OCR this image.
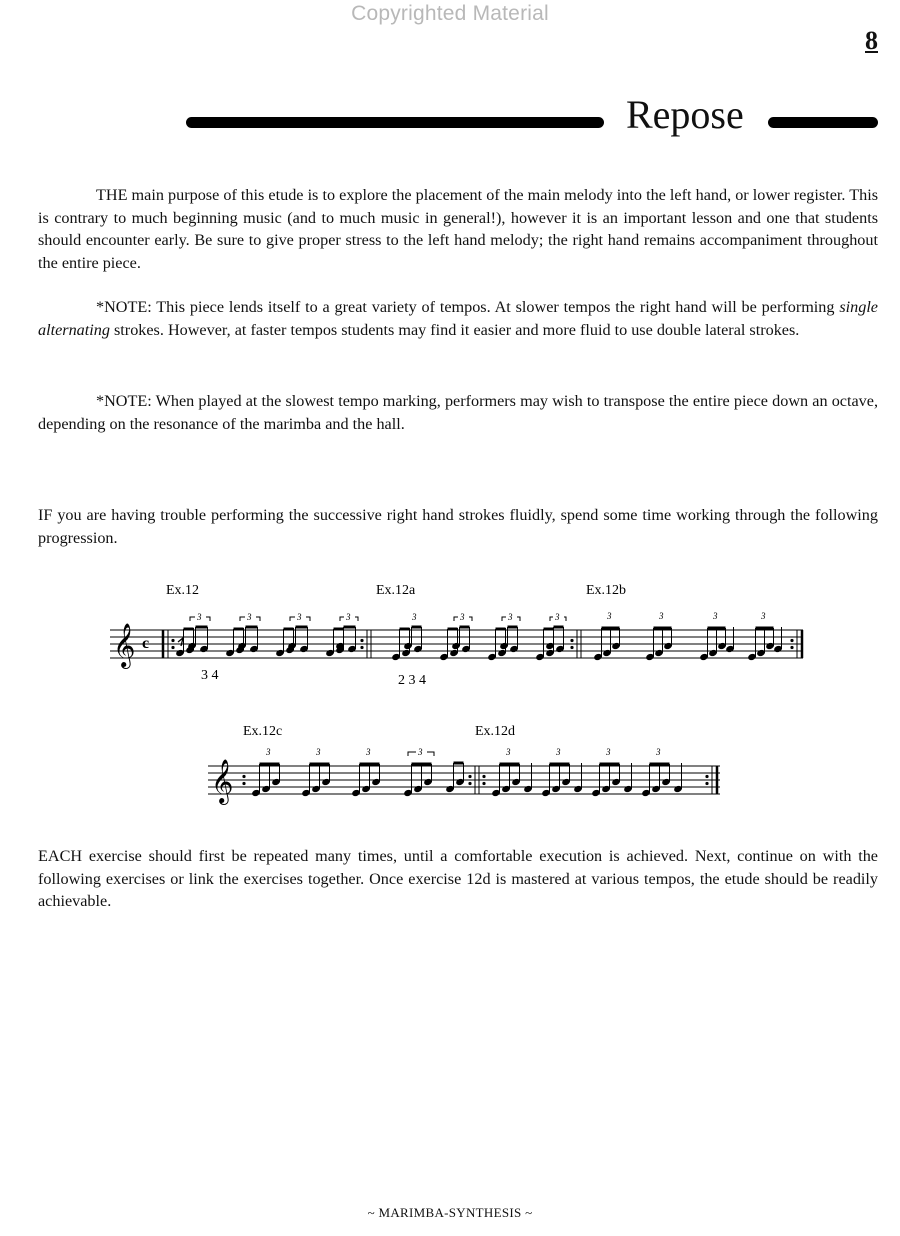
Copyrighted Material
8
Repose

THE main purpose of this etude is to explore the placement of the main melody into the left hand, or lower register. This is contrary to much beginning music (and to much music in general!), however it is an important lesson and one that students should encounter early. Be sure to give proper stress to the left hand melody; the right hand remains accompaniment throughout the entire piece.

*NOTE: This piece lends itself to a great variety of tempos. At slower tempos the right hand will be performing single alternating strokes. However, at faster tempos students may find it easier and more fluid to use double lateral strokes.

*NOTE: When played at the slowest tempo marking, performers may wish to transpose the entire piece down an octave, depending on the resonance of the marimba and the hall.

IF you are having trouble performing the successive right hand strokes fluidly, spend some time working through the following progression.

𝄞 c
Ex.12	Ex.12a	Ex.12b
3 4	2 3 4
3	3	3	3	3	3	3	3	3	3	3	3
𝄞
Ex.12c	Ex.12d
3	3	3	3	3	3	3	3

EACH exercise should first be repeated many times, until a comfortable execution is achieved. Next, continue on with the following exercises or link the exercises together. Once exercise 12d is mastered at various tempos, the etude should be readily achievable.

~ MARIMBA-SYNTHESIS ~
